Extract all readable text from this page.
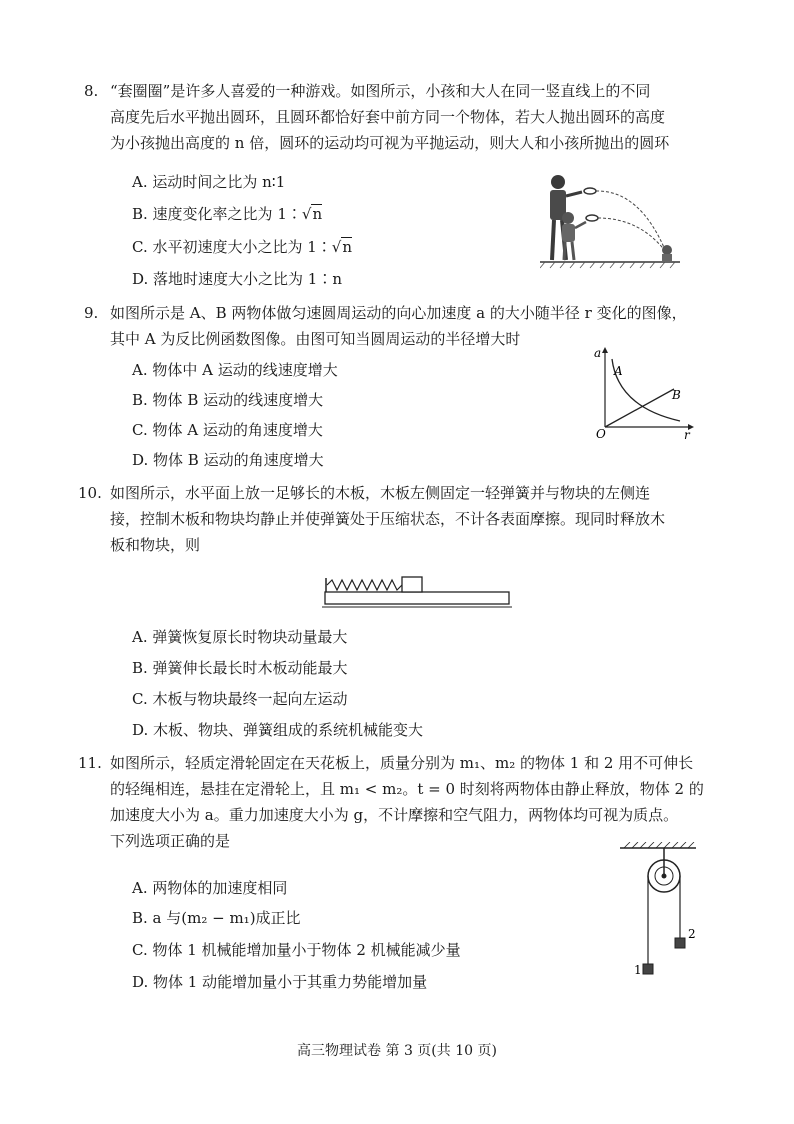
8. “套圈圈”是许多人喜爱的一种游戏。如图所示，小孩和大人在同一竖直线上的不同

高度先后水平抛出圆环，且圆环都恰好套中前方同一个物体，若大人抛出圆环的高度

为小孩抛出高度的 n 倍，圆环的运动均可视为平抛运动，则大人和小孩所抛出的圆环

A. 运动时间之比为 n∶1
B. 速度变化率之比为 1∶√n
C. 水平初速度大小之比为 1∶√n
D. 落地时速度大小之比为 1∶n
9. 如图所示是 A、B 两物体做匀速圆周运动的向心加速度 a 的大小随半径 r 变化的图像，

其中 A 为反比例函数图像。由图可知当圆周运动的半径增大时

A. 物体中 A 运动的线速度增大
B. 物体 B 运动的线速度增大
C. 物体 A 运动的角速度增大
D. 物体 B 运动的角速度增大
a
r
O
A
B
10. 如图所示，水平面上放一足够长的木板，木板左侧固定一轻弹簧并与物块的左侧连

接，控制木板和物块均静止并使弹簧处于压缩状态，不计各表面摩擦。现同时释放木

板和物块，则

A. 弹簧恢复原长时物块动量最大
B. 弹簧伸长最长时木板动能最大
C. 木板与物块最终一起向左运动
D. 木板、物块、弹簧组成的系统机械能变大
11. 如图所示，轻质定滑轮固定在天花板上，质量分别为 m₁、m₂ 的物体 1 和 2 用不可伸长

的轻绳相连，悬挂在定滑轮上，且 m₁ < m₂。t = 0 时刻将两物体由静止释放，物体 2 的

加速度大小为 a。重力加速度大小为 g，不计摩擦和空气阻力，两物体均可视为质点。

下列选项正确的是

A. 两物体的加速度相同
B. a 与(m₂ − m₁)成正比
C. 物体 1 机械能增加量小于物体 2 机械能减少量
D. 物体 1 动能增加量小于其重力势能增加量
1
2
高三物理试卷 第 3 页(共 10 页)
